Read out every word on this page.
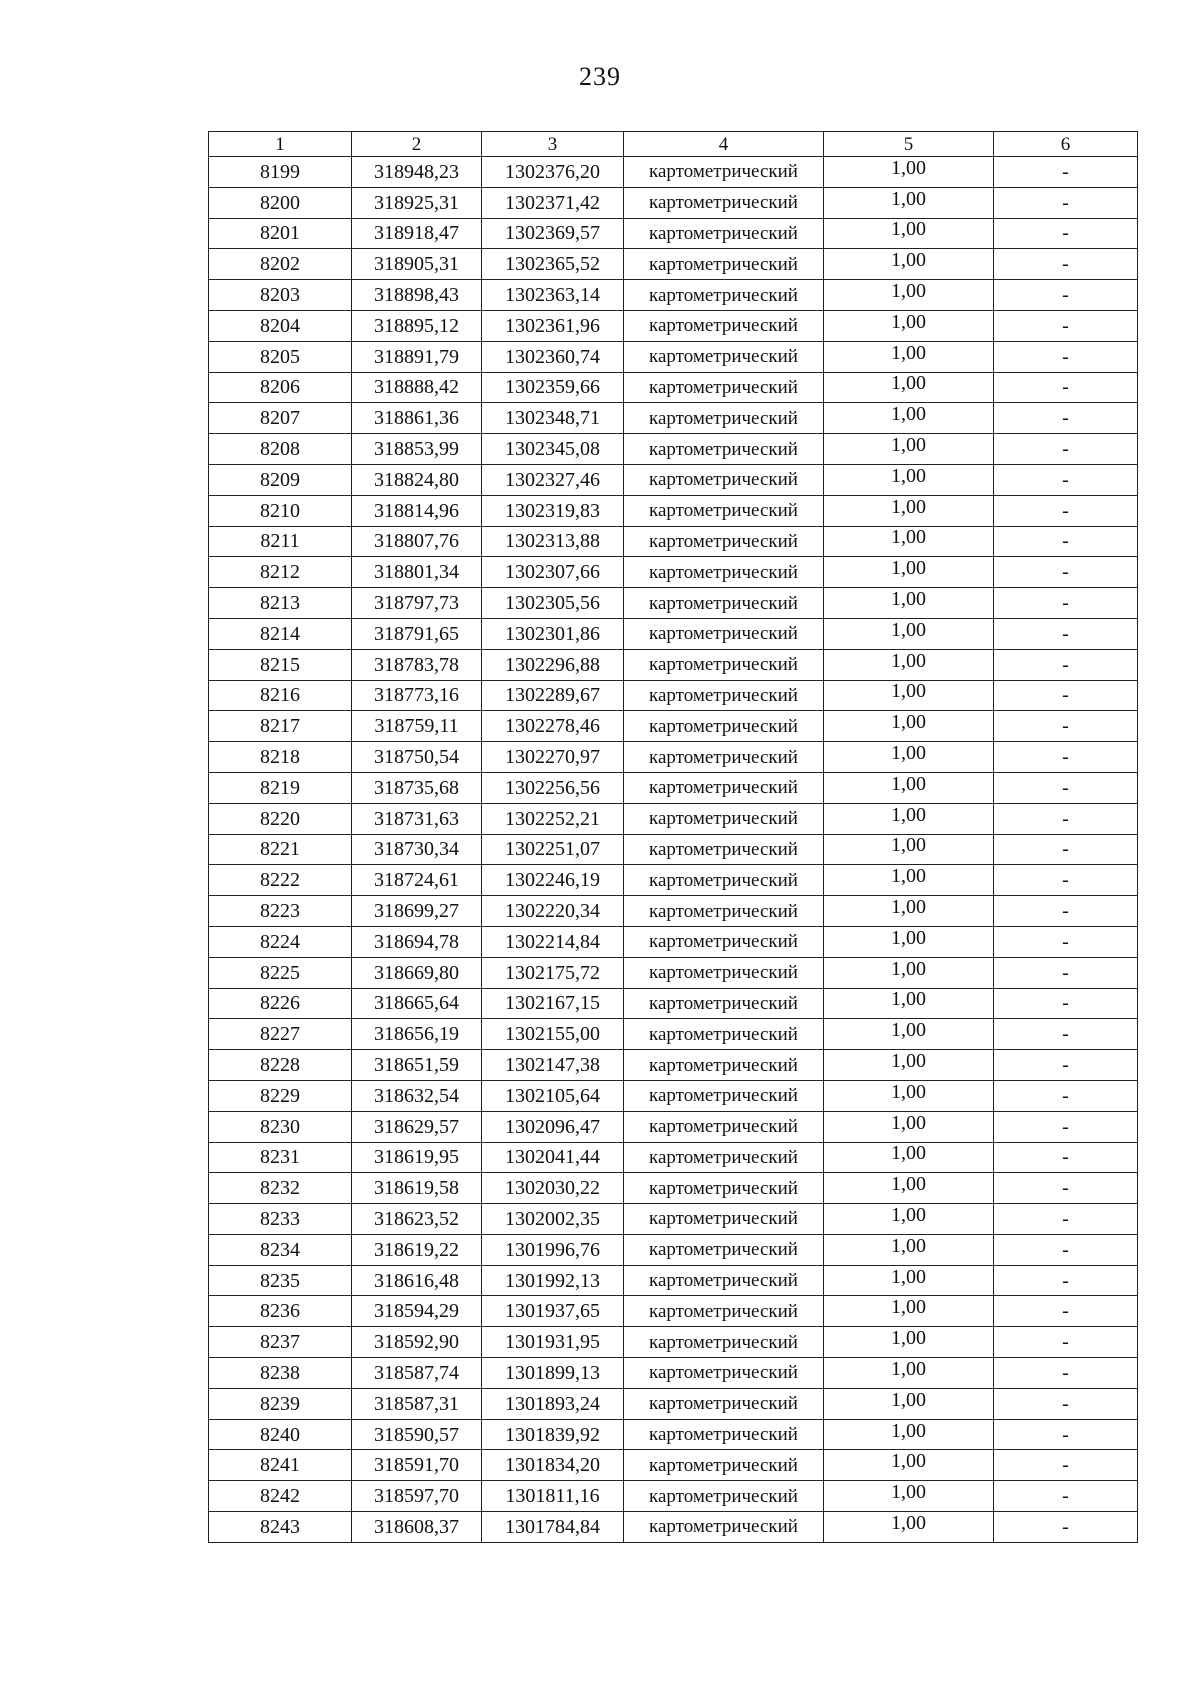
239
1	2	3	4	5	6
8199	318948,23	1302376,20	картометрический	1,00	-
8200	318925,31	1302371,42	картометрический	1,00	-
8201	318918,47	1302369,57	картометрический	1,00	-
8202	318905,31	1302365,52	картометрический	1,00	-
8203	318898,43	1302363,14	картометрический	1,00	-
8204	318895,12	1302361,96	картометрический	1,00	-
8205	318891,79	1302360,74	картометрический	1,00	-
8206	318888,42	1302359,66	картометрический	1,00	-
8207	318861,36	1302348,71	картометрический	1,00	-
8208	318853,99	1302345,08	картометрический	1,00	-
8209	318824,80	1302327,46	картометрический	1,00	-
8210	318814,96	1302319,83	картометрический	1,00	-
8211	318807,76	1302313,88	картометрический	1,00	-
8212	318801,34	1302307,66	картометрический	1,00	-
8213	318797,73	1302305,56	картометрический	1,00	-
8214	318791,65	1302301,86	картометрический	1,00	-
8215	318783,78	1302296,88	картометрический	1,00	-
8216	318773,16	1302289,67	картометрический	1,00	-
8217	318759,11	1302278,46	картометрический	1,00	-
8218	318750,54	1302270,97	картометрический	1,00	-
8219	318735,68	1302256,56	картометрический	1,00	-
8220	318731,63	1302252,21	картометрический	1,00	-
8221	318730,34	1302251,07	картометрический	1,00	-
8222	318724,61	1302246,19	картометрический	1,00	-
8223	318699,27	1302220,34	картометрический	1,00	-
8224	318694,78	1302214,84	картометрический	1,00	-
8225	318669,80	1302175,72	картометрический	1,00	-
8226	318665,64	1302167,15	картометрический	1,00	-
8227	318656,19	1302155,00	картометрический	1,00	-
8228	318651,59	1302147,38	картометрический	1,00	-
8229	318632,54	1302105,64	картометрический	1,00	-
8230	318629,57	1302096,47	картометрический	1,00	-
8231	318619,95	1302041,44	картометрический	1,00	-
8232	318619,58	1302030,22	картометрический	1,00	-
8233	318623,52	1302002,35	картометрический	1,00	-
8234	318619,22	1301996,76	картометрический	1,00	-
8235	318616,48	1301992,13	картометрический	1,00	-
8236	318594,29	1301937,65	картометрический	1,00	-
8237	318592,90	1301931,95	картометрический	1,00	-
8238	318587,74	1301899,13	картометрический	1,00	-
8239	318587,31	1301893,24	картометрический	1,00	-
8240	318590,57	1301839,92	картометрический	1,00	-
8241	318591,70	1301834,20	картометрический	1,00	-
8242	318597,70	1301811,16	картометрический	1,00	-
8243	318608,37	1301784,84	картометрический	1,00	-
